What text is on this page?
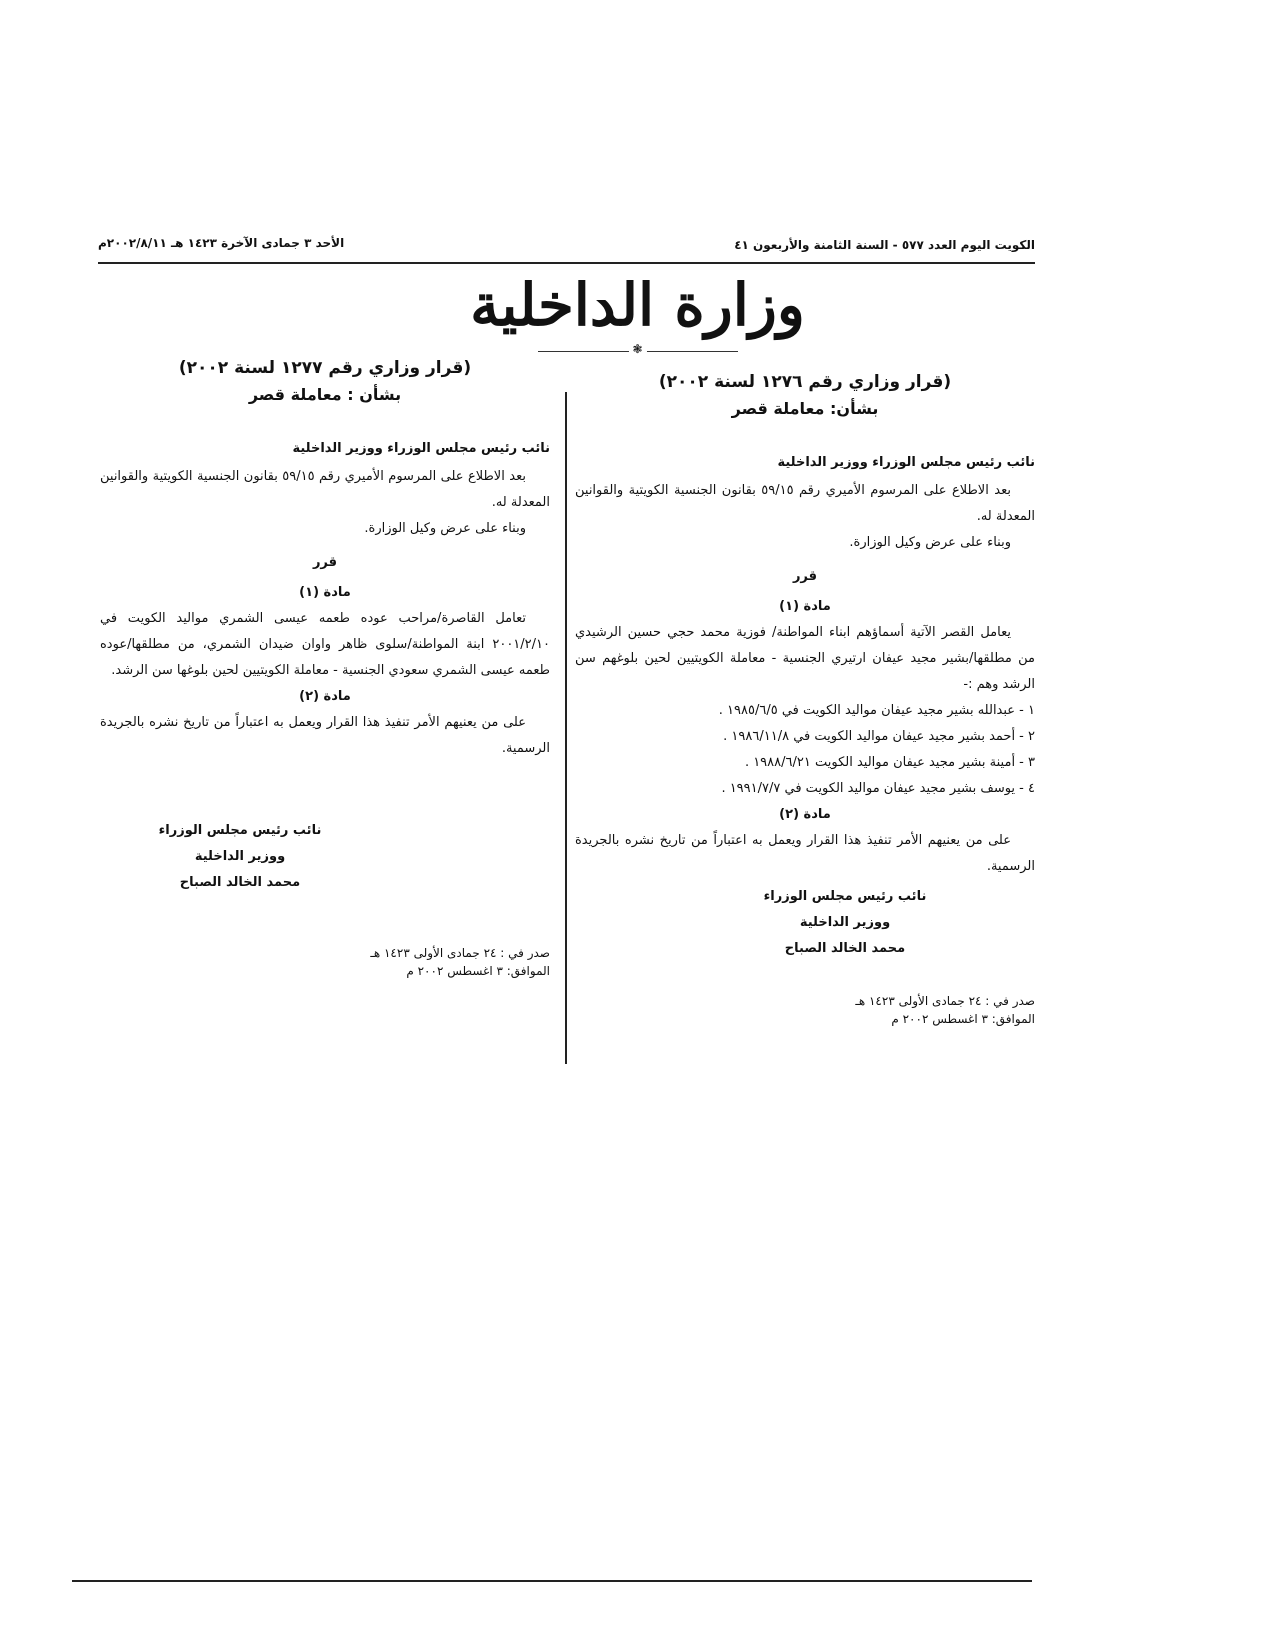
الكويت اليوم العدد ٥٧٧ - السنة الثامنة والأربعون ٤١
الأحد ٣ جمادى الآخرة ١٤٢٣ هـ ٢٠٠٢/٨/١١م
وزارة الداخلية
❃
(قرار وزاري رقم ١٢٧٦ لسنة ٢٠٠٢)
بشأن: معاملة قصر
نائب رئيس مجلس الوزراء ووزير الداخلية
بعد الاطلاع على المرسوم الأميري رقم ٥٩/١٥ بقانون الجنسية الكويتية والقوانين المعدلة له.
وبناء على عرض وكيل الوزارة.
قرر
مادة (١)
يعامل القصر الآتية أسماؤهم ابناء المواطنة/ فوزية محمد حجي حسين الرشيدي من مطلقها/بشير مجيد عيفان ارتيري الجنسية - معاملة الكويتيين لحين بلوغهم سن الرشد وهم :-
١ - عبدالله بشير مجيد عيفان مواليد الكويت في ١٩٨٥/٦/٥ .
٢ - أحمد بشير مجيد عيفان مواليد الكويت في ١٩٨٦/١١/٨ .
٣ - أمينة بشير مجيد عيفان مواليد الكويت ١٩٨٨/٦/٢١ .
٤ - يوسف بشير مجيد عيفان مواليد الكويت في ١٩٩١/٧/٧ .
مادة (٢)
على من يعنيهم الأمر تنفيذ هذا القرار ويعمل به اعتباراً من تاريخ نشره بالجريدة الرسمية.
نائب رئيس مجلس الوزراء
ووزير الداخلية
محمد الخالد الصباح
صدر في : ٢٤ جمادى الأولى ١٤٢٣ هـ
الموافق: ٣ اغسطس ٢٠٠٢ م
(قرار وزاري رقم ١٢٧٧ لسنة ٢٠٠٢)
بشأن : معاملة قصر
نائب رئيس مجلس الوزراء ووزير الداخلية
بعد الاطلاع على المرسوم الأميري رقم ٥٩/١٥ بقانون الجنسية الكويتية والقوانين المعدلة له.
وبناء على عرض وكيل الوزارة.
قرر
مادة (١)
تعامل القاصرة/مراحب عوده طعمه عيسى الشمري مواليد الكويت في ٢٠٠١/٢/١٠ ابنة المواطنة/سلوى ظاهر واوان ضيدان الشمري، من مطلقها/عوده طعمه عيسى الشمري سعودي الجنسية - معاملة الكويتيين لحين بلوغها سن الرشد.
مادة (٢)
على من يعنيهم الأمر تنفيذ هذا القرار ويعمل به اعتباراً من تاريخ نشره بالجريدة الرسمية.
نائب رئيس مجلس الوزراء
ووزير الداخلية
محمد الخالد الصباح
صدر في : ٢٤ جمادى الأولى ١٤٢٣ هـ
الموافق: ٣ اغسطس ٢٠٠٢ م
